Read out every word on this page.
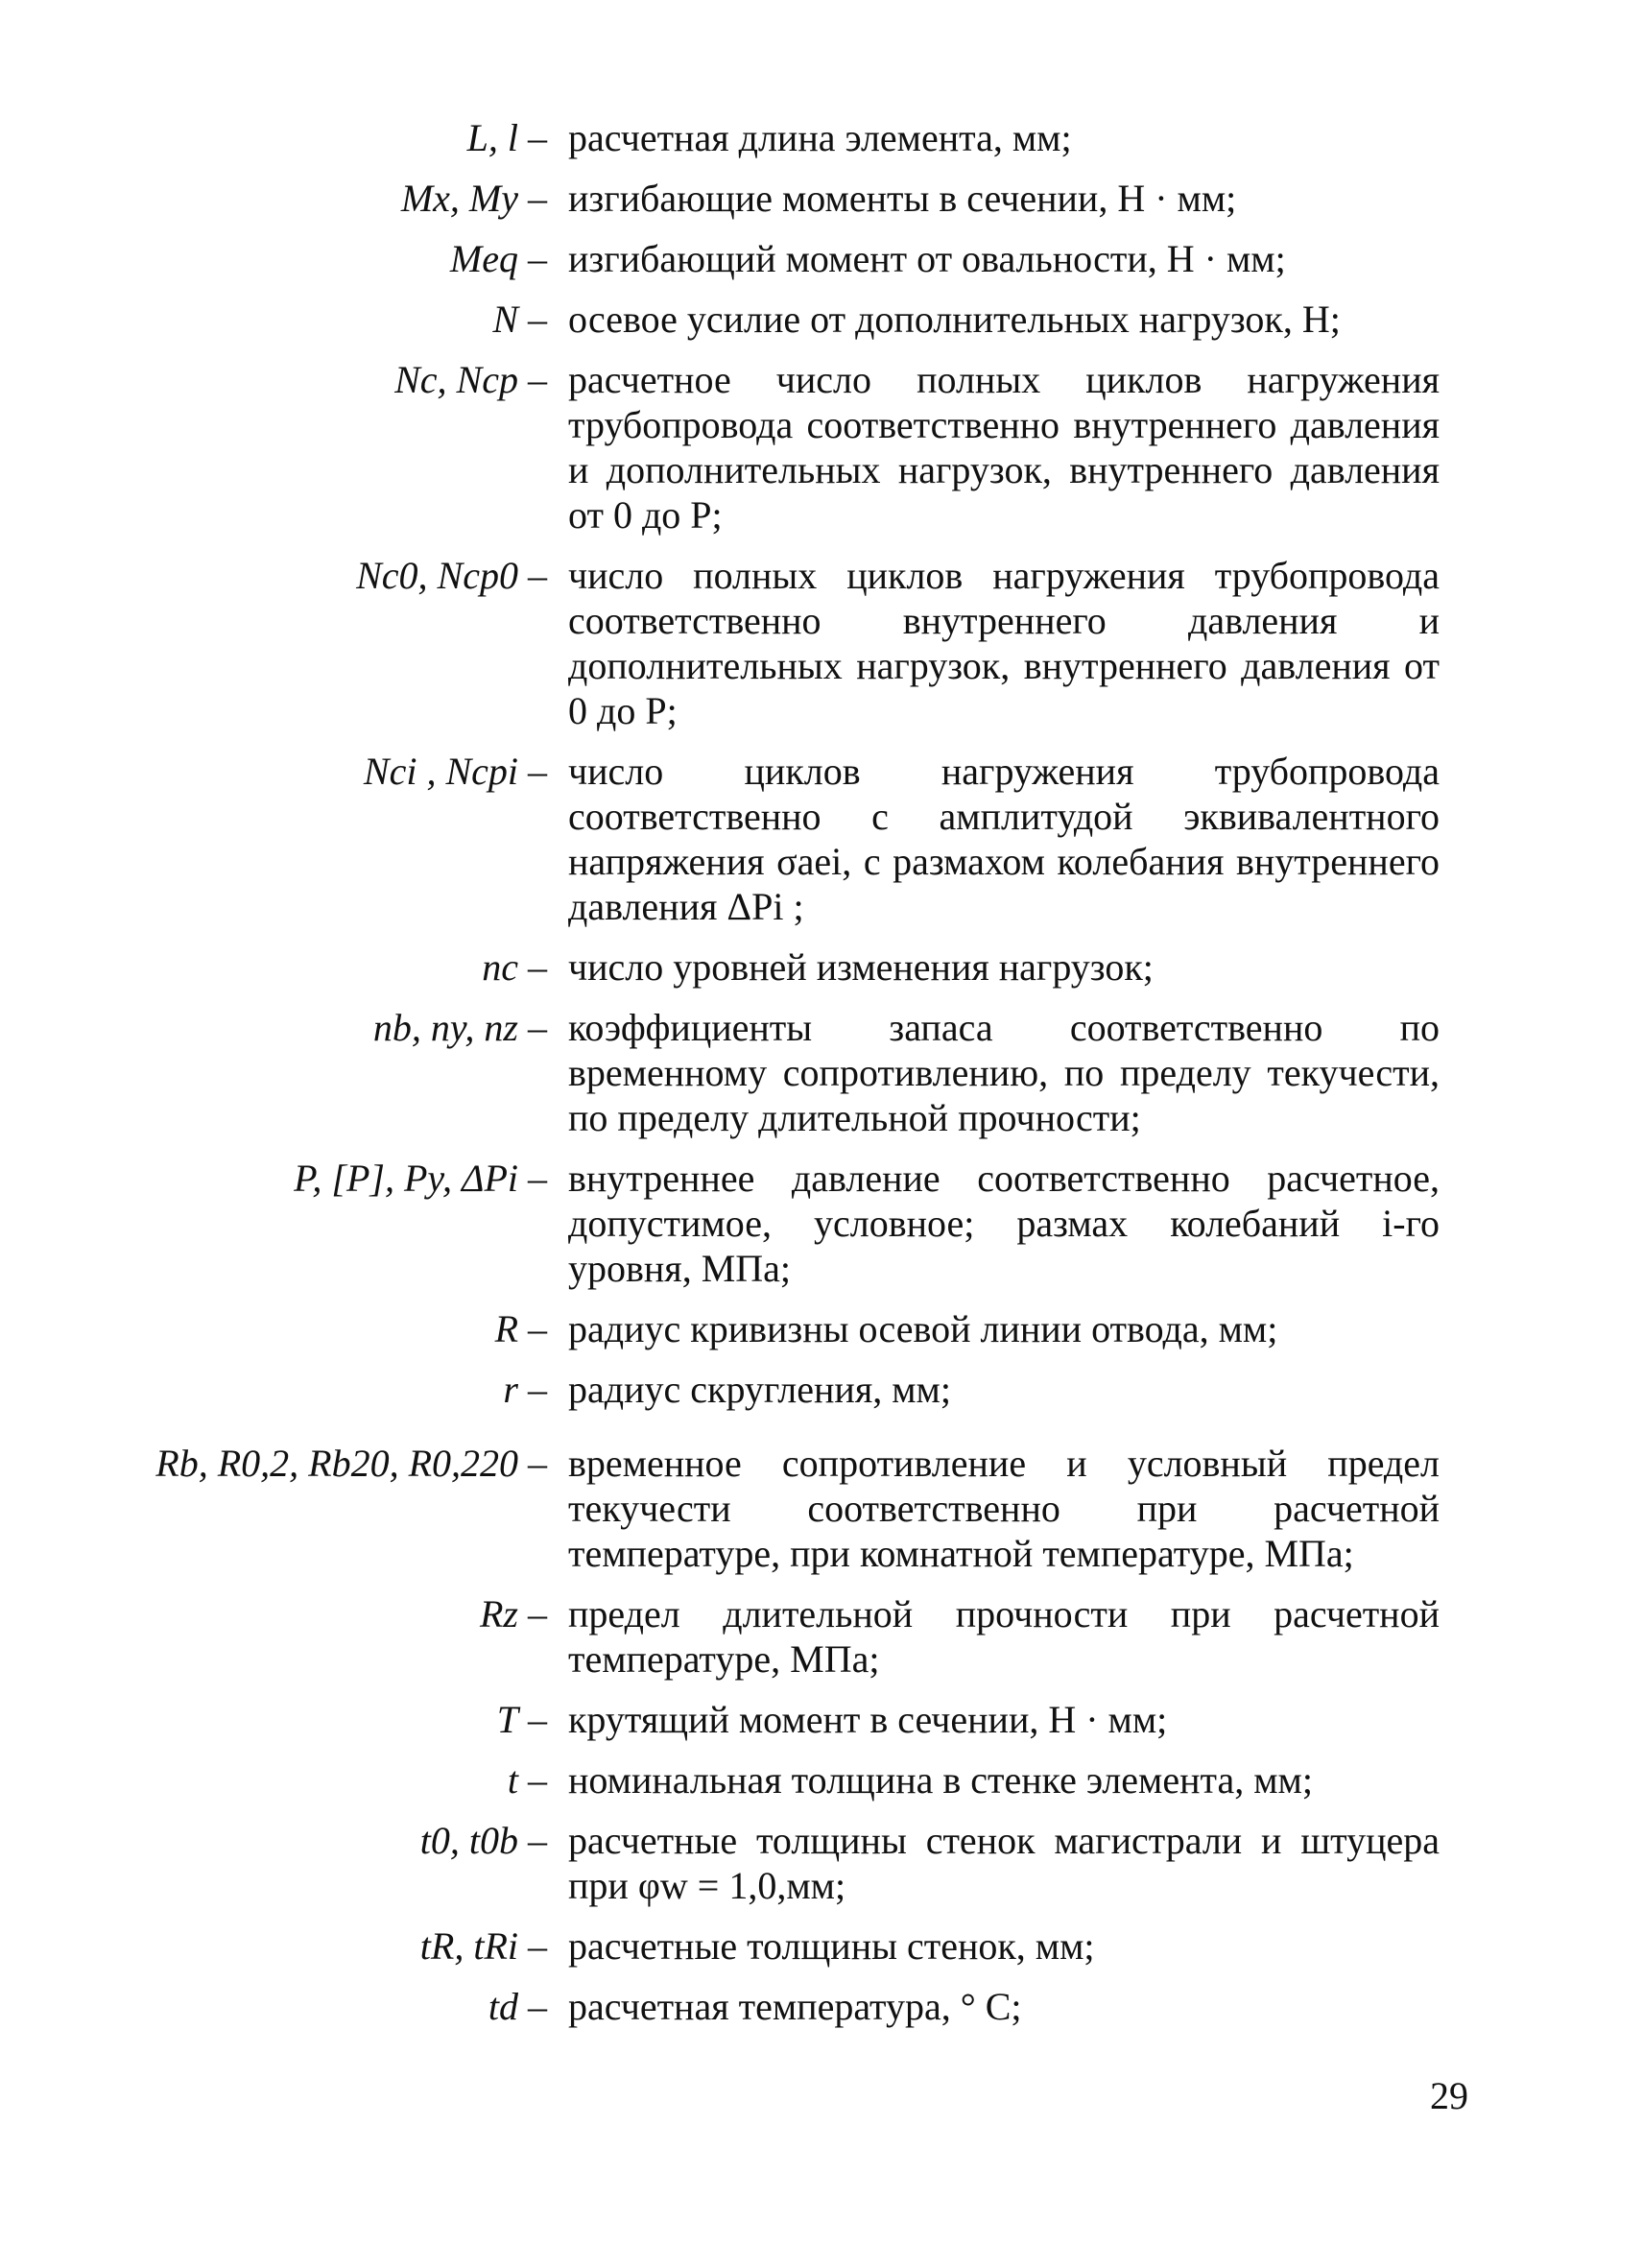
L, l – расчетная длина элемента, мм;
Mx, My – изгибающие моменты в сечении, Н · мм;
Meq – изгибающий момент от овальности, Н · мм;
N – осевое усилие от дополнительных нагрузок, Н;
Nc, Ncp – расчетное число полных циклов нагружения трубопровода соответственно внутреннего давления и дополнительных нагрузок, внутреннего давления от 0 до P;
Nc0, Ncp0 – число полных циклов нагружения трубопровода соответственно внутреннего давления и дополнительных нагрузок, внутреннего давления от 0 до P;
Nci , Ncpi – число циклов нагружения трубопровода соответственно с амплитудой эквивалентного напряжения σaei, с размахом колебания внутреннего давления ΔPi ;
nc – число уровней изменения нагрузок;
nb, ny, nz – коэффициенты запаса соответственно по временному сопротивлению, по пределу текучести, по пределу длительной прочности;
P, [P], Py, ΔPi – внутреннее давление соответственно расчетное, допустимое, условное; размах колебаний i-го уровня, МПа;
R – радиус кривизны осевой линии отвода, мм;
r – радиус скругления, мм;
Rb, R0,2, Rb20, R0,220 – временное сопротивление и условный предел текучести соответственно при расчетной температуре, при комнатной температуре, МПа;
Rz – предел длительной прочности при расчетной температуре, МПа;
T – крутящий момент в сечении, Н · мм;
t – номинальная толщина в стенке элемента, мм;
t0, t0b – расчетные толщины стенок магистрали и штуцера при φw = 1,0,мм;
tR, tRi – расчетные толщины стенок, мм;
td – расчетная температура, ° С;
29
